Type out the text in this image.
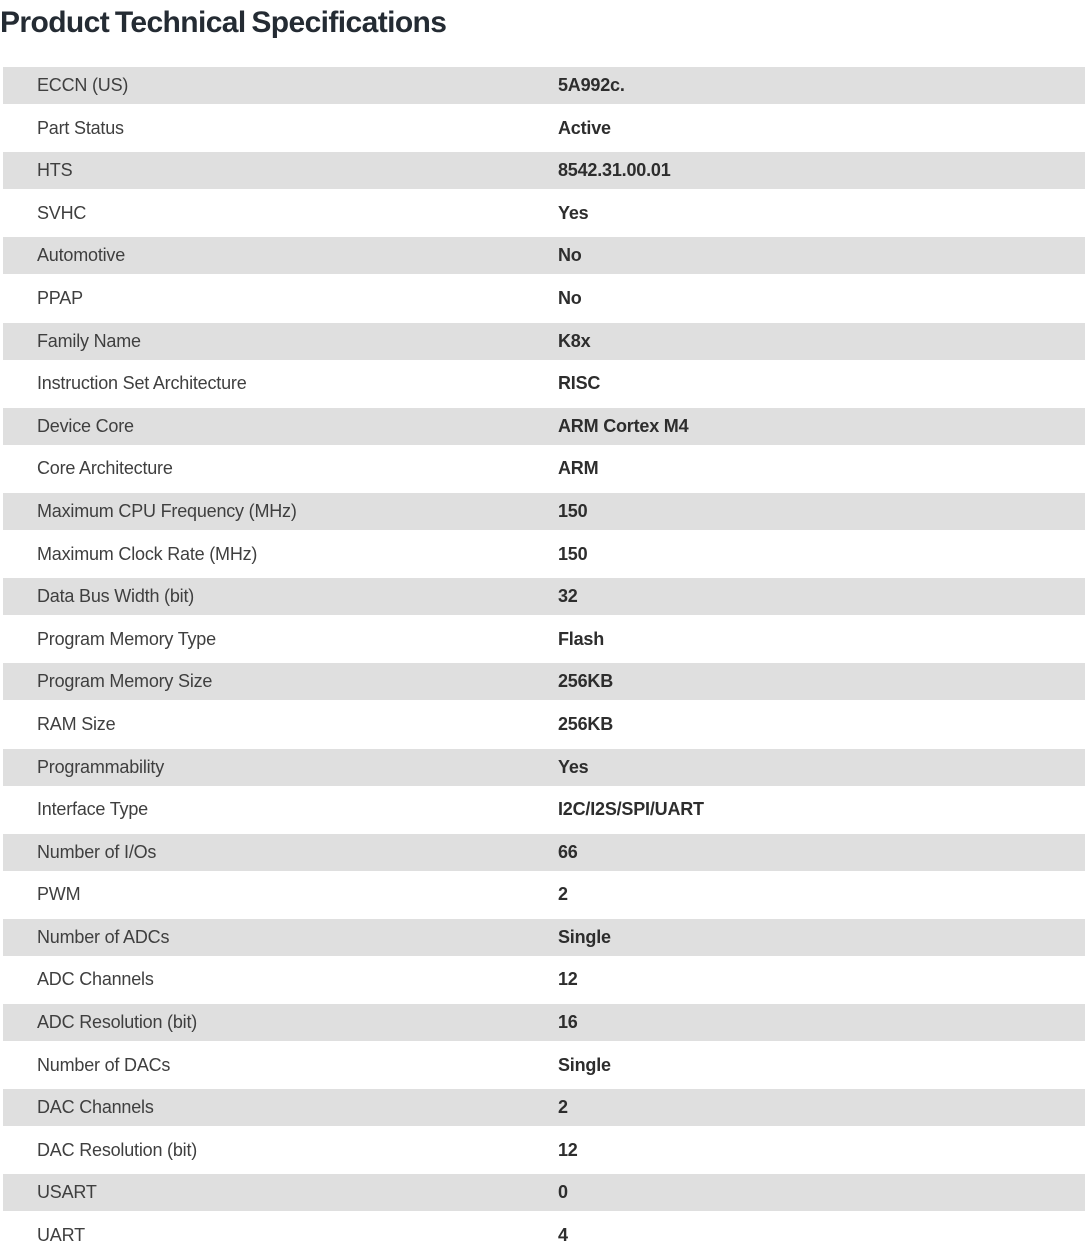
Product Technical Specifications
ECCN (US)	5A992c.
Part Status	Active
HTS	8542.31.00.01
SVHC	Yes
Automotive	No
PPAP	No
Family Name	K8x
Instruction Set Architecture	RISC
Device Core	ARM Cortex M4
Core Architecture	ARM
Maximum CPU Frequency (MHz)	150
Maximum Clock Rate (MHz)	150
Data Bus Width (bit)	32
Program Memory Type	Flash
Program Memory Size	256KB
RAM Size	256KB
Programmability	Yes
Interface Type	I2C/I2S/SPI/UART
Number of I/Os	66
PWM	2
Number of ADCs	Single
ADC Channels	12
ADC Resolution (bit)	16
Number of DACs	Single
DAC Channels	2
DAC Resolution (bit)	12
USART	0
UART	4
